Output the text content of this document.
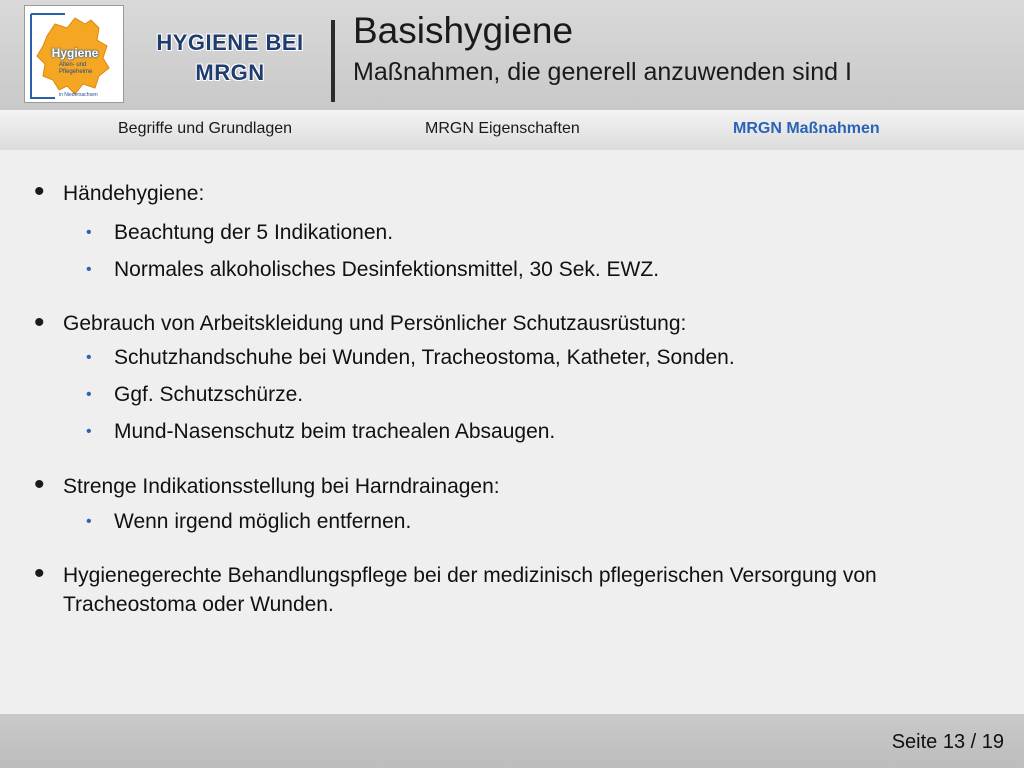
Hygiene
Alten- und
Pflegeheime
in Niedersachsen
HYGIENE BEI
MRGN
Basishygiene
Maßnahmen, die generell anzuwenden sind I
Begriffe und Grundlagen	MRGN Eigenschaften	MRGN Maßnahmen
• Händehygiene:
•	Beachtung der 5 Indikationen.
•	Normales alkoholisches Desinfektionsmittel, 30 Sek. EWZ.
• Gebrauch von Arbeitskleidung und Persönlicher Schutzausrüstung:
•	Schutzhandschuhe bei Wunden, Tracheostoma, Katheter, Sonden.
•	Ggf. Schutzschürze.
•	Mund-Nasenschutz beim trachealen Absaugen.
• Strenge Indikationsstellung bei Harndrainagen:
•	Wenn irgend möglich entfernen.
• Hygienegerechte Behandlungspflege bei der medizinisch pflegerischen Versorgung von Tracheostoma oder Wunden.
Seite 13 / 19
